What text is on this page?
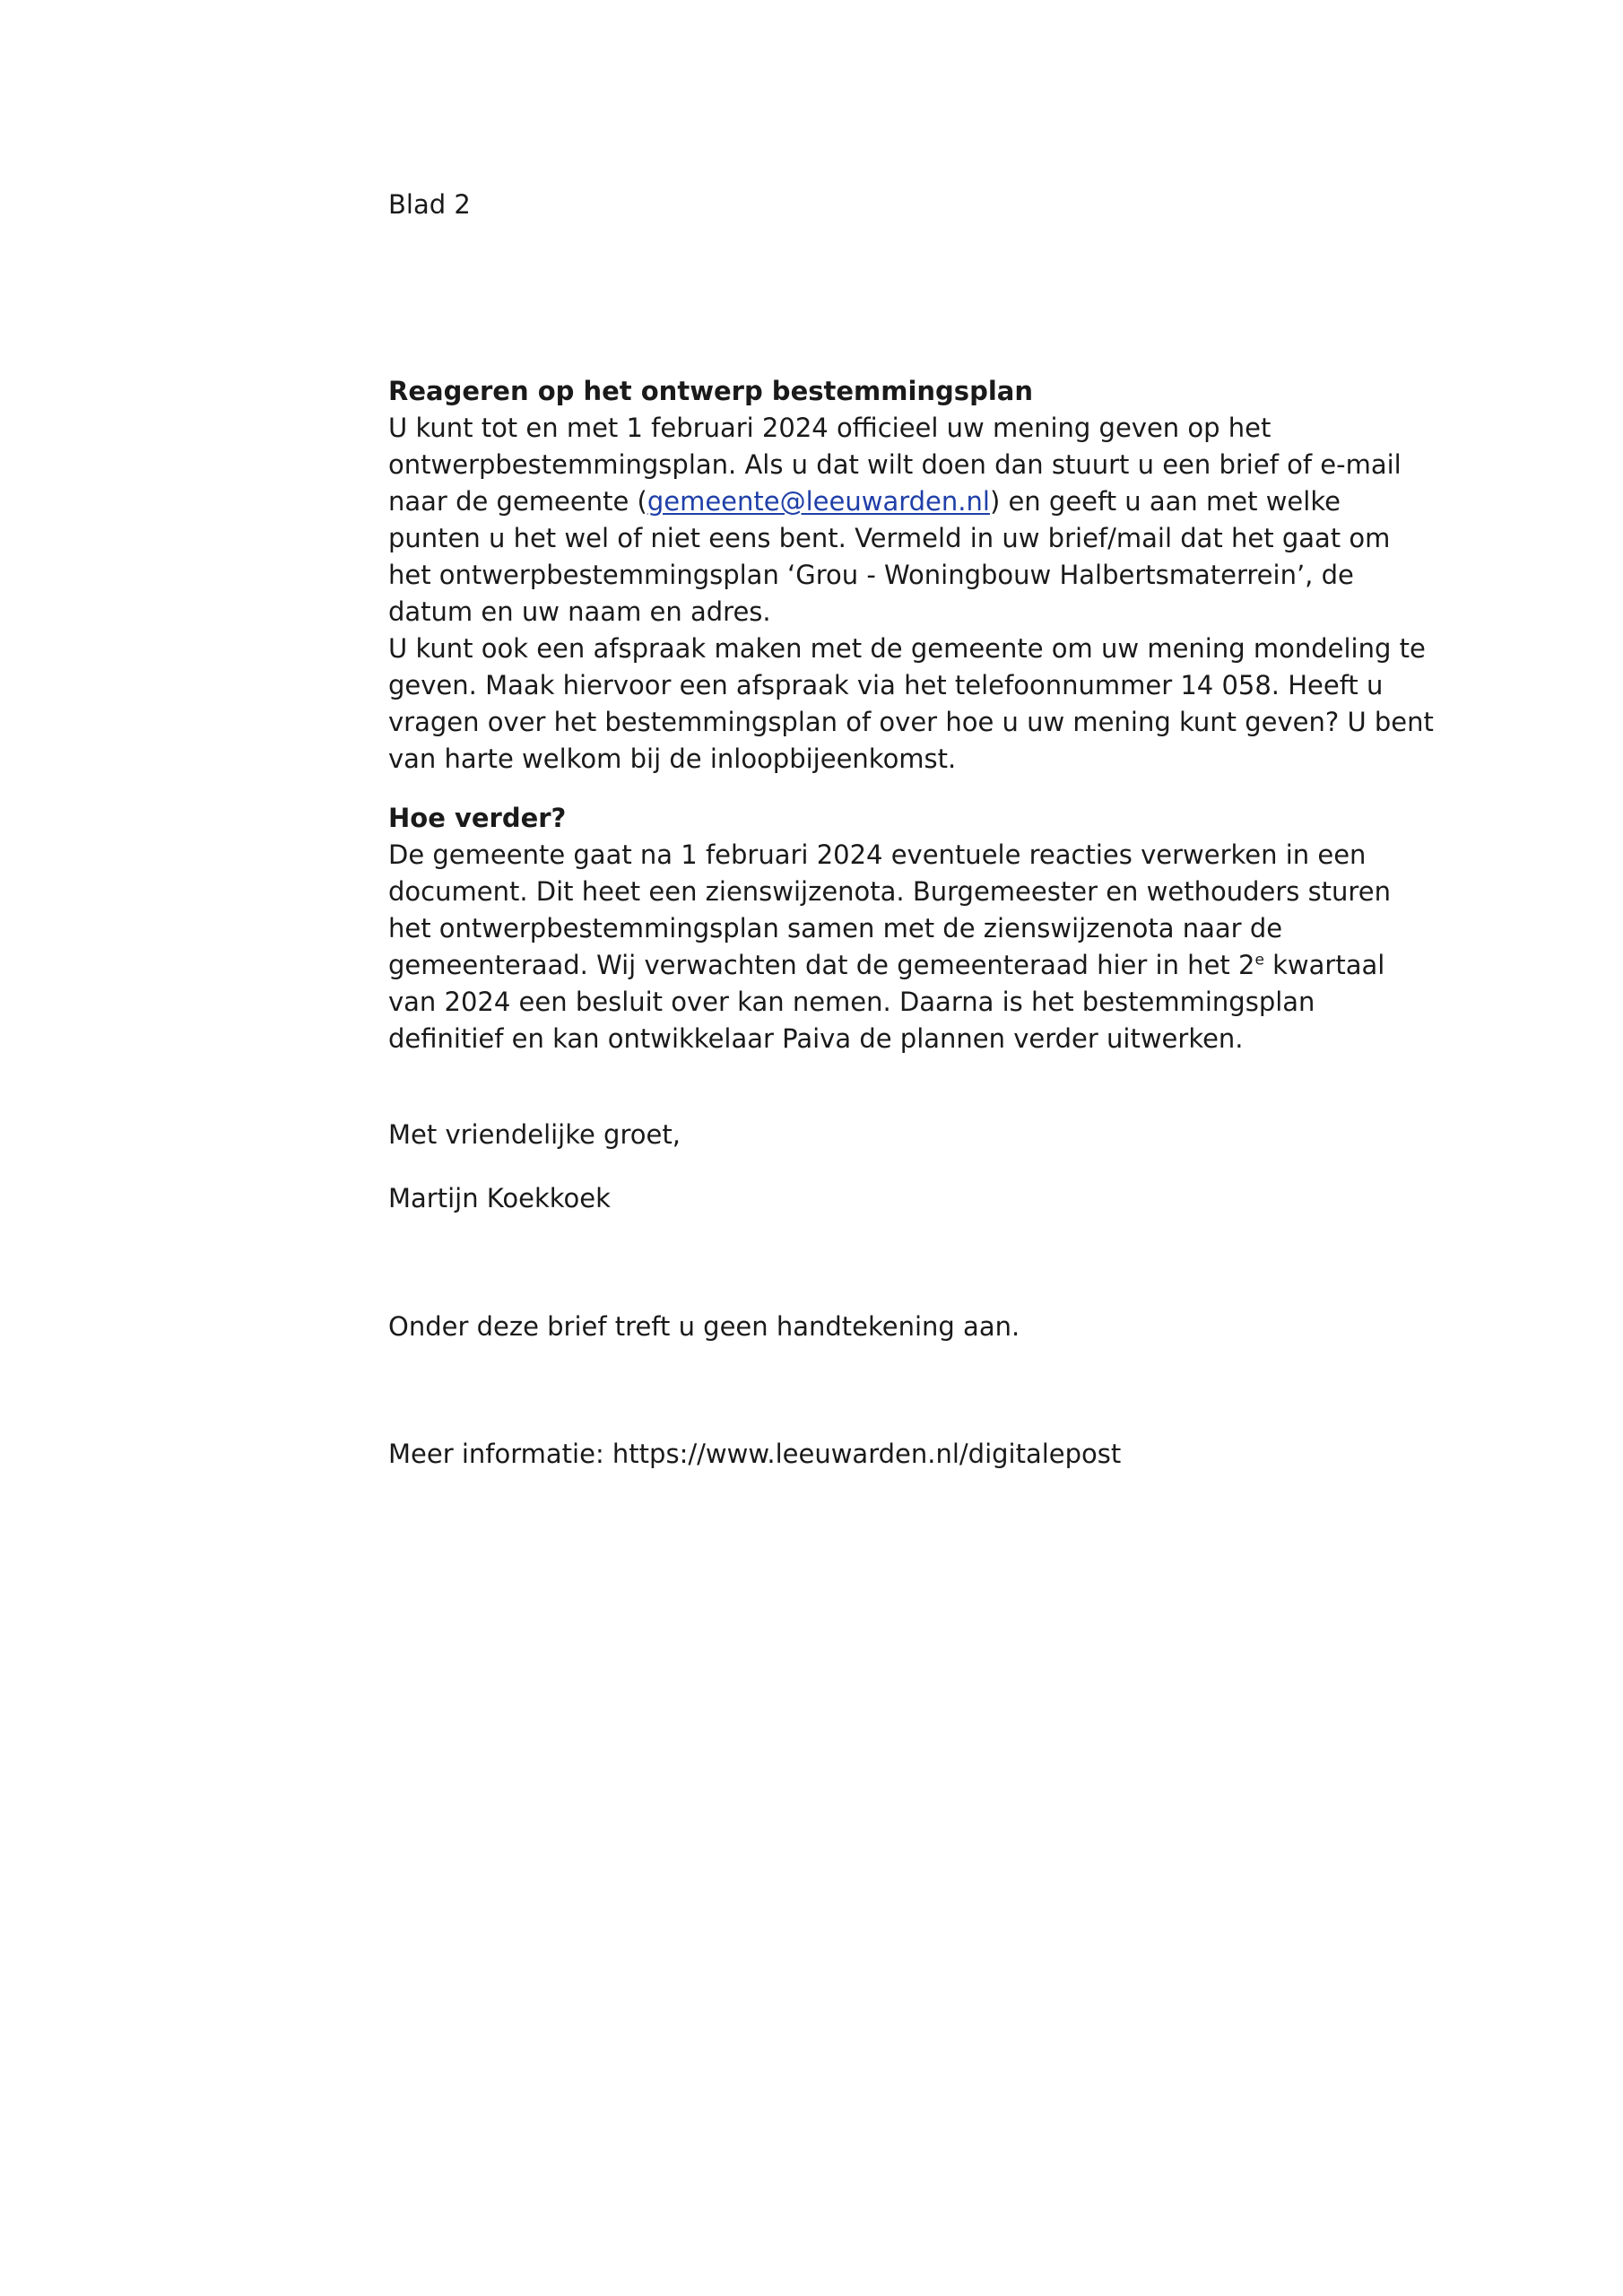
Blad 2
Reageren op het ontwerp bestemmingsplan
U kunt tot en met 1 februari 2024 officieel uw mening geven op het
ontwerpbestemmingsplan. Als u dat wilt doen dan stuurt u een brief of e-mail
naar de gemeente (gemeente@leeuwarden.nl) en geeft u aan met welke
punten u het wel of niet eens bent. Vermeld in uw brief/mail dat het gaat om
het ontwerpbestemmingsplan ‘Grou - Woningbouw Halbertsmaterrein’, de
datum en uw naam en adres.
U kunt ook een afspraak maken met de gemeente om uw mening mondeling te
geven. Maak hiervoor een afspraak via het telefoonnummer 14 058. Heeft u
vragen over het bestemmingsplan of over hoe u uw mening kunt geven? U bent
van harte welkom bij de inloopbijeenkomst.
Hoe verder?
De gemeente gaat na 1 februari 2024 eventuele reacties verwerken in een
document. Dit heet een zienswijzenota. Burgemeester en wethouders sturen
het ontwerpbestemmingsplan samen met de zienswijzenota naar de
gemeenteraad. Wij verwachten dat de gemeenteraad hier in het 2e kwartaal
van 2024 een besluit over kan nemen. Daarna is het bestemmingsplan
definitief en kan ontwikkelaar Paiva de plannen verder uitwerken.
Met vriendelijke groet,
Martijn Koekkoek
Onder deze brief treft u geen handtekening aan.
Meer informatie: https://www.leeuwarden.nl/digitalepost
